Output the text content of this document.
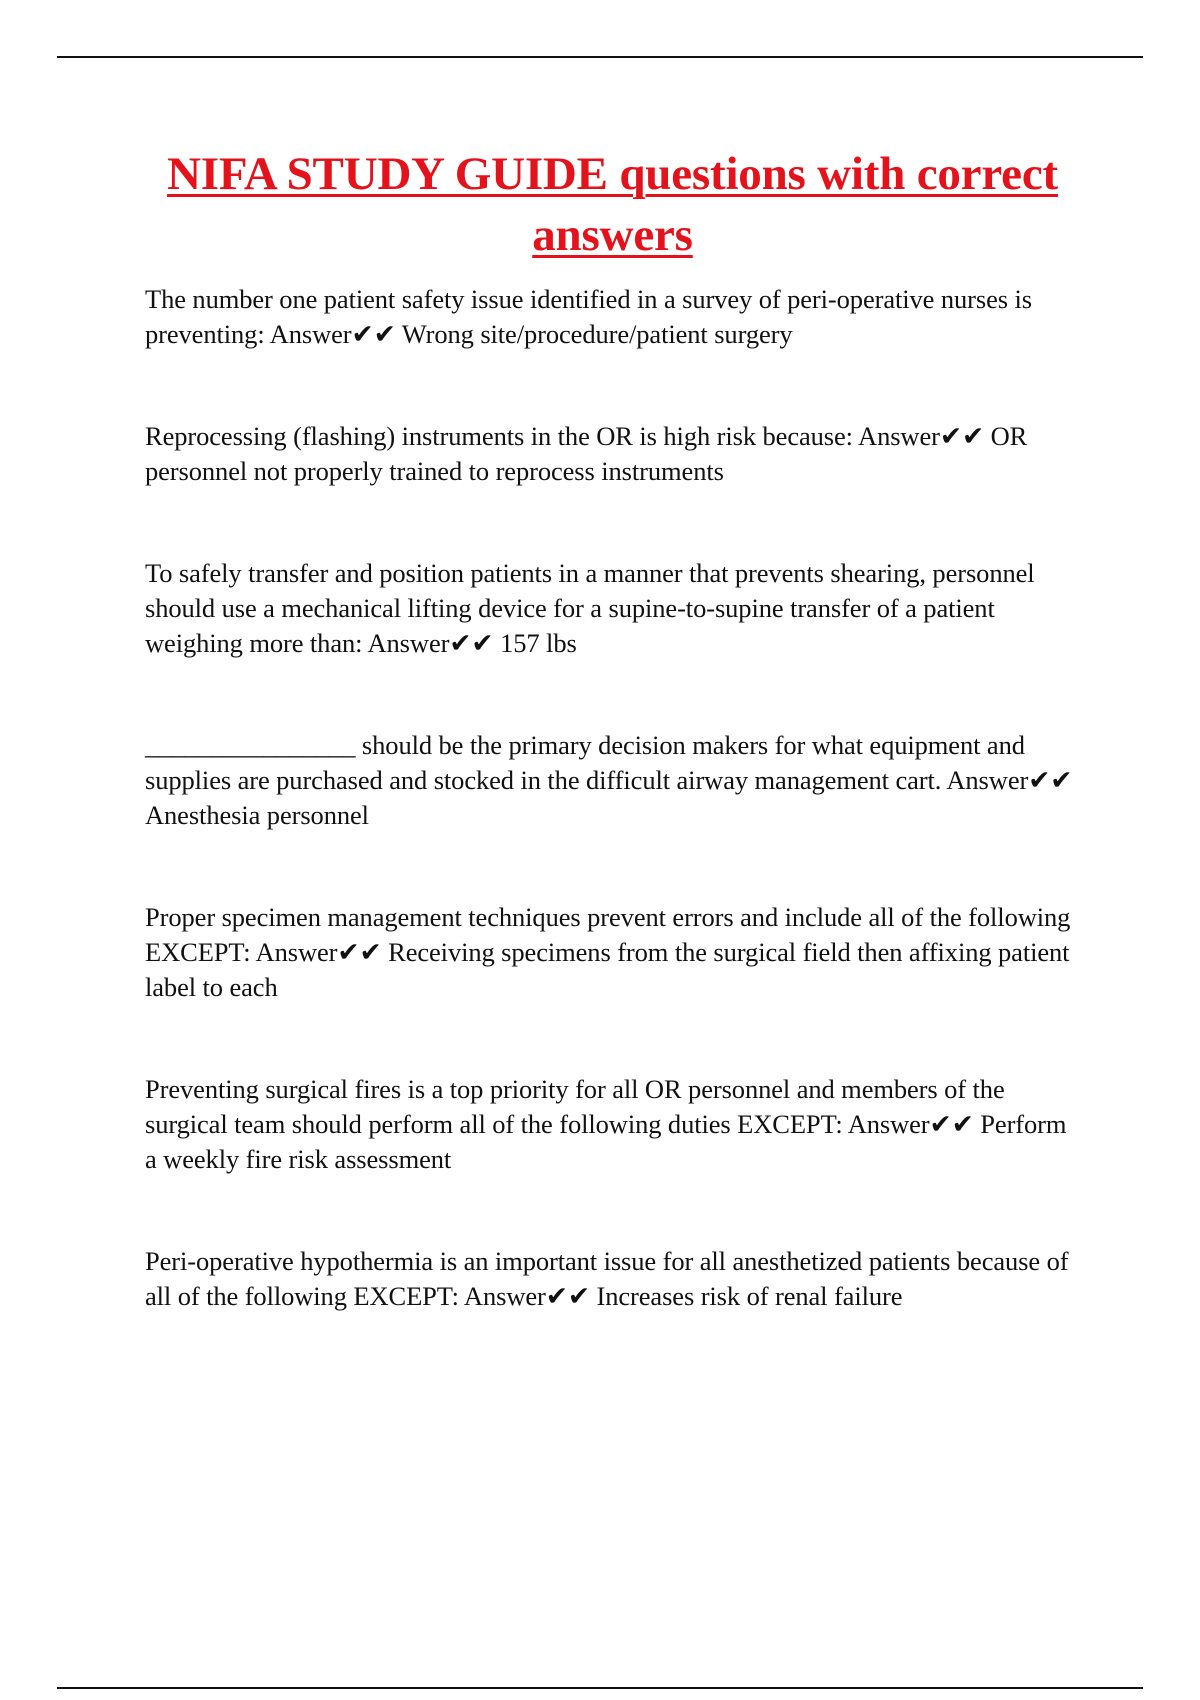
NIFA STUDY GUIDE questions with correct answers
The number one patient safety issue identified in a survey of peri-operative nurses is preventing: Answer✔✔ Wrong site/procedure/patient surgery
Reprocessing (flashing) instruments in the OR is high risk because: Answer✔✔ OR personnel not properly trained to reprocess instruments
To safely transfer and position patients in a manner that prevents shearing, personnel should use a mechanical lifting device for a supine-to-supine transfer of a patient weighing more than: Answer✔✔ 157 lbs
________________ should be the primary decision makers for what equipment and supplies are purchased and stocked in the difficult airway management cart. Answer✔✔ Anesthesia personnel
Proper specimen management techniques prevent errors and include all of the following EXCEPT: Answer✔✔ Receiving specimens from the surgical field then affixing patient label to each
Preventing surgical fires is a top priority for all OR personnel and members of the surgical team should perform all of the following duties EXCEPT: Answer✔✔ Perform a weekly fire risk assessment
Peri-operative hypothermia is an important issue for all anesthetized patients because of all of the following EXCEPT: Answer✔✔ Increases risk of renal failure
